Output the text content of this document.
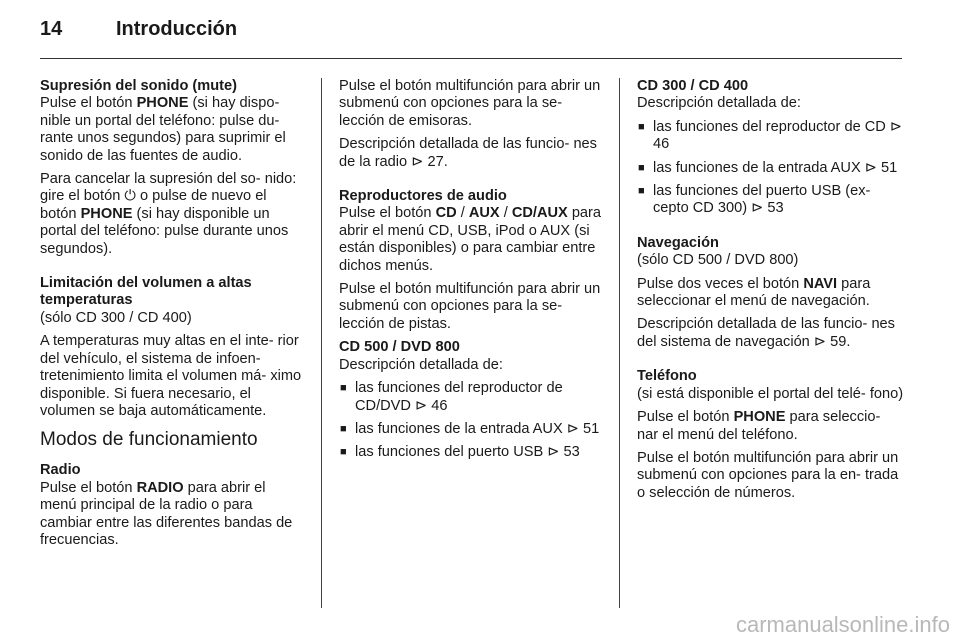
14	Introducción

Supresión del sonido (mute)

Pulse el botón PHONE (si hay dispo- nible un portal del teléfono: pulse du- rante unos segundos) para suprimir el sonido de las fuentes de audio.

Para cancelar la supresión del so- nido: gire el botón ⏻ o pulse de nuevo el botón PHONE (si hay disponible un portal del teléfono: pulse durante unos segundos).

Limitación del volumen a altas temperaturas

(sólo CD 300 / CD 400)

A temperaturas muy altas en el inte- rior del vehículo, el sistema de infoen- tretenimiento limita el volumen má- ximo disponible. Si fuera necesario, el volumen se baja automáticamente.

Modos de funcionamiento

Radio

Pulse el botón RADIO para abrir el menú principal de la radio o para cambiar entre las diferentes bandas de frecuencias.

Pulse el botón multifunción para abrir un submenú con opciones para la se- lección de emisoras.

Descripción detallada de las funcio- nes de la radio ⊳ 27.

Reproductores de audio

Pulse el botón CD / AUX / CD/AUX para abrir el menú CD, USB, iPod o AUX (si están disponibles) o para cambiar entre dichos menús.

Pulse el botón multifunción para abrir un submenú con opciones para la se- lección de pistas.

CD 500 / DVD 800

Descripción detallada de:

■ las funciones del reproductor de CD/DVD ⊳ 46
■ las funciones de la entrada AUX ⊳ 51
■ las funciones del puerto USB ⊳ 53

CD 300 / CD 400

Descripción detallada de:

■ las funciones del reproductor de CD ⊳ 46
■ las funciones de la entrada AUX ⊳ 51
■ las funciones del puerto USB (ex- cepto CD 300) ⊳ 53

Navegación

(sólo CD 500 / DVD 800)

Pulse dos veces el botón NAVI para seleccionar el menú de navegación.

Descripción detallada de las funcio- nes del sistema de navegación ⊳ 59.

Teléfono

(si está disponible el portal del telé- fono)

Pulse el botón PHONE para seleccio- nar el menú del teléfono.

Pulse el botón multifunción para abrir un submenú con opciones para la en- trada o selección de números.

carmanualsonline.info
